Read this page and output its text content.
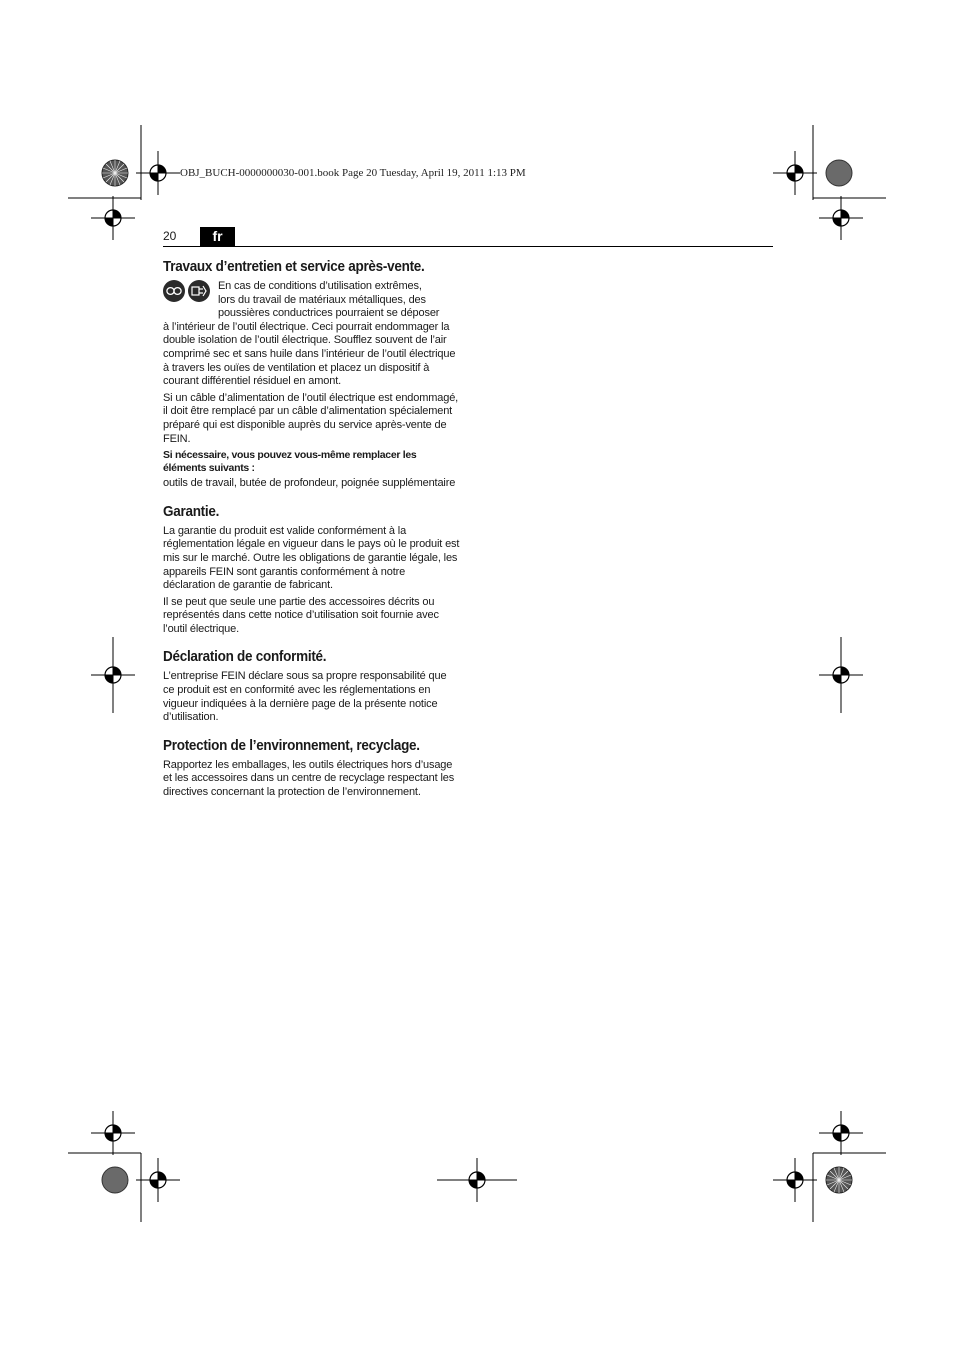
OBJ_BUCH-0000000030-001.book Page 20 Tuesday, April 19, 2011 1:13 PM
20	fr
Travaux d’entretien et service après-vente.

En cas de conditions d’utilisation extrêmes,

lors du travail de matériaux métalliques, des

poussières conductrices pourraient se déposer

à l’intérieur de l’outil électrique. Ceci pourrait endommager la double isolation de l’outil électrique. Soufflez souvent de l’air comprimé sec et sans huile dans l’intérieur de l’outil électrique à travers les ouïes de ventilation et placez un dispositif à courant différentiel résiduel en amont.

Si un câble d’alimentation de l’outil électrique est endommagé, il doit être remplacé par un câble d’alimentation spécialement préparé qui est disponible auprès du service après-vente de FEIN.

Si nécessaire, vous pouvez vous-même remplacer les éléments suivants :

outils de travail, butée de profondeur, poignée supplémentaire

Garantie.

La garantie du produit est valide conformément à la réglementation légale en vigueur dans le pays où le produit est mis sur le marché. Outre les obligations de garantie légale, les appareils FEIN sont garantis conformément à notre déclaration de garantie de fabricant.

Il se peut que seule une partie des accessoires décrits ou représentés dans cette notice d’utilisation soit fournie avec l’outil électrique.

Déclaration de conformité.

L’entreprise FEIN déclare sous sa propre responsabilité que ce produit est en conformité avec les réglementations en vigueur indiquées à la dernière page de la présente notice d’utilisation.

Protection de l’environnement, recyclage.

Rapportez les emballages, les outils électriques hors d’usage et les accessoires dans un centre de recyclage respectant les directives concernant la protection de l’environnement.
